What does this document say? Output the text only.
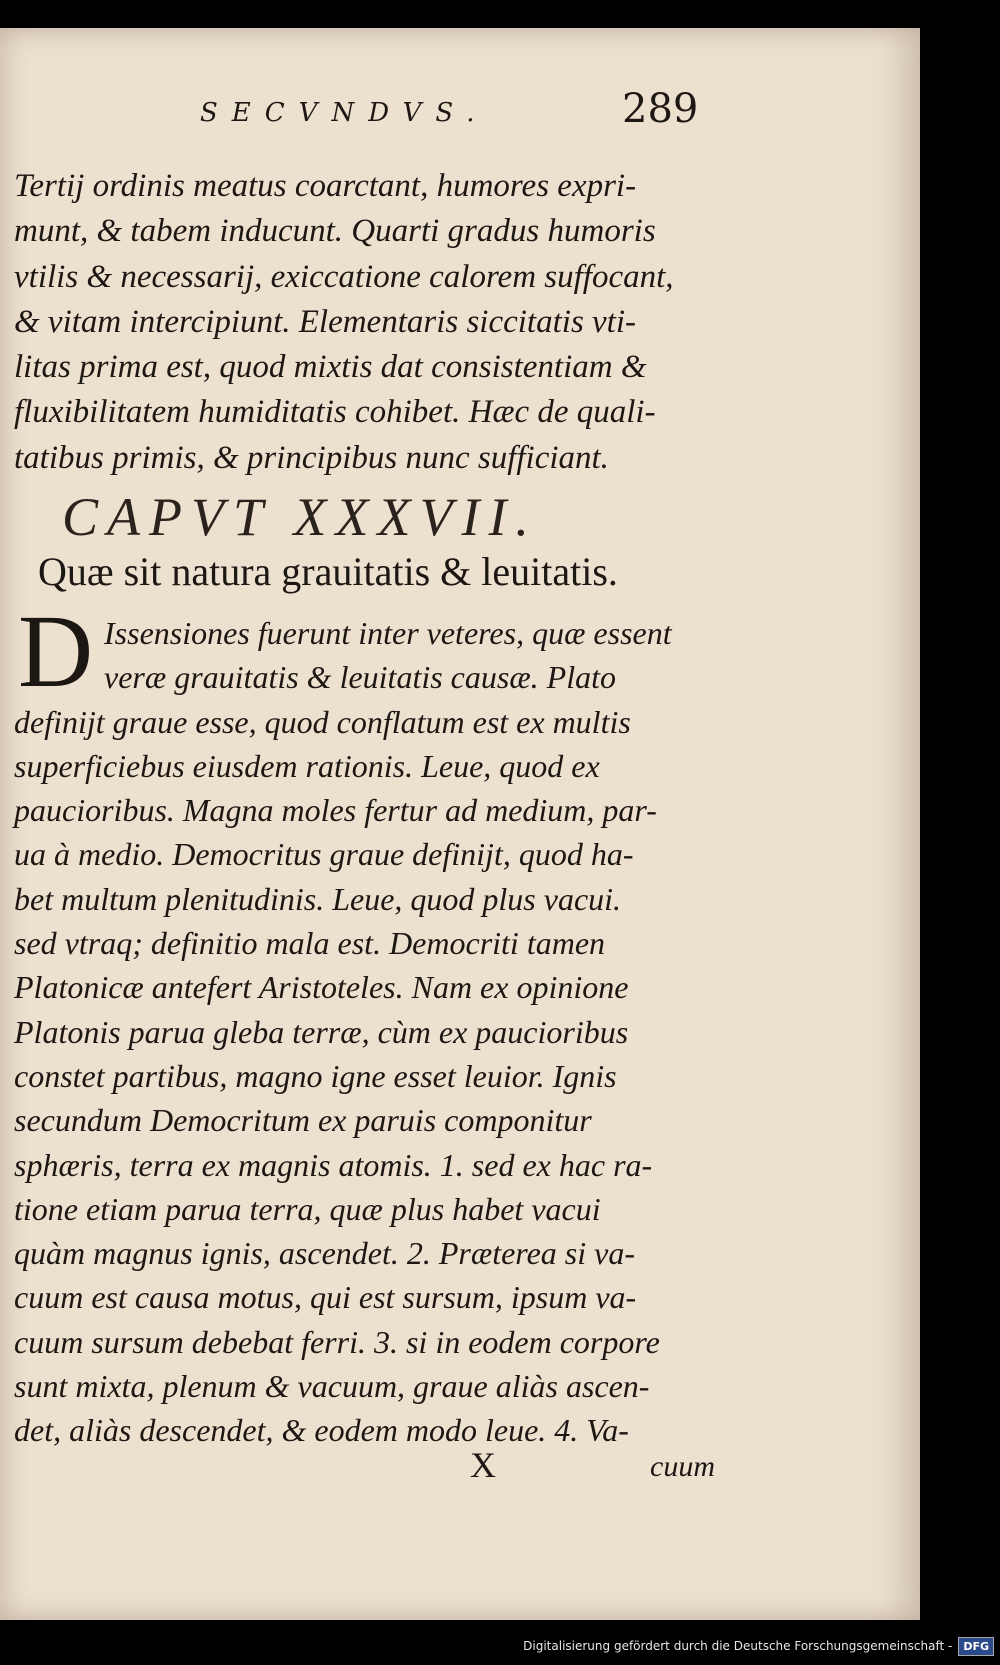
SECVNDVS.	289
Tertij ordinis meatus coarctant, humores expri-
munt, & tabem inducunt. Quarti gradus humoris
vtilis & necessarij, exiccatione calorem suffocant,
& vitam intercipiunt. Elementaris siccitatis vti-
litas prima est, quod mixtis dat consistentiam &
fluxibilitatem humiditatis cohibet. Hæc de quali-
tatibus primis, & principibus nunc sufficiant.
CAPVT XXXVII.
Quæ sit natura grauitatis & leuitatis.
D Issensiones fuerunt inter veteres, quæ essent
veræ grauitatis & leuitatis causæ. Plato
definijt graue esse, quod conflatum est ex multis
superficiebus eiusdem rationis. Leue, quod ex
paucioribus. Magna moles fertur ad medium, par-
ua à medio. Democritus graue definijt, quod ha-
bet multum plenitudinis. Leue, quod plus vacui.
sed vtraq; definitio mala est. Democriti tamen
Platonicæ antefert Aristoteles. Nam ex opinione
Platonis parua gleba terræ, cùm ex paucioribus
constet partibus, magno igne esset leuior. Ignis
secundum Democritum ex paruis componitur
sphæris, terra ex magnis atomis. 1. sed ex hac ra-
tione etiam parua terra, quæ plus habet vacui
quàm magnus ignis, ascendet. 2. Præterea si va-
cuum est causa motus, qui est sursum, ipsum va-
cuum sursum debebat ferri. 3. si in eodem corpore
sunt mixta, plenum & vacuum, graue aliàs ascen-
det, aliàs descendet, & eodem modo leue. 4. Va-
X	cuum
Digitalisierung gefördert durch die Deutsche Forschungsgemeinschaft -	DFG
